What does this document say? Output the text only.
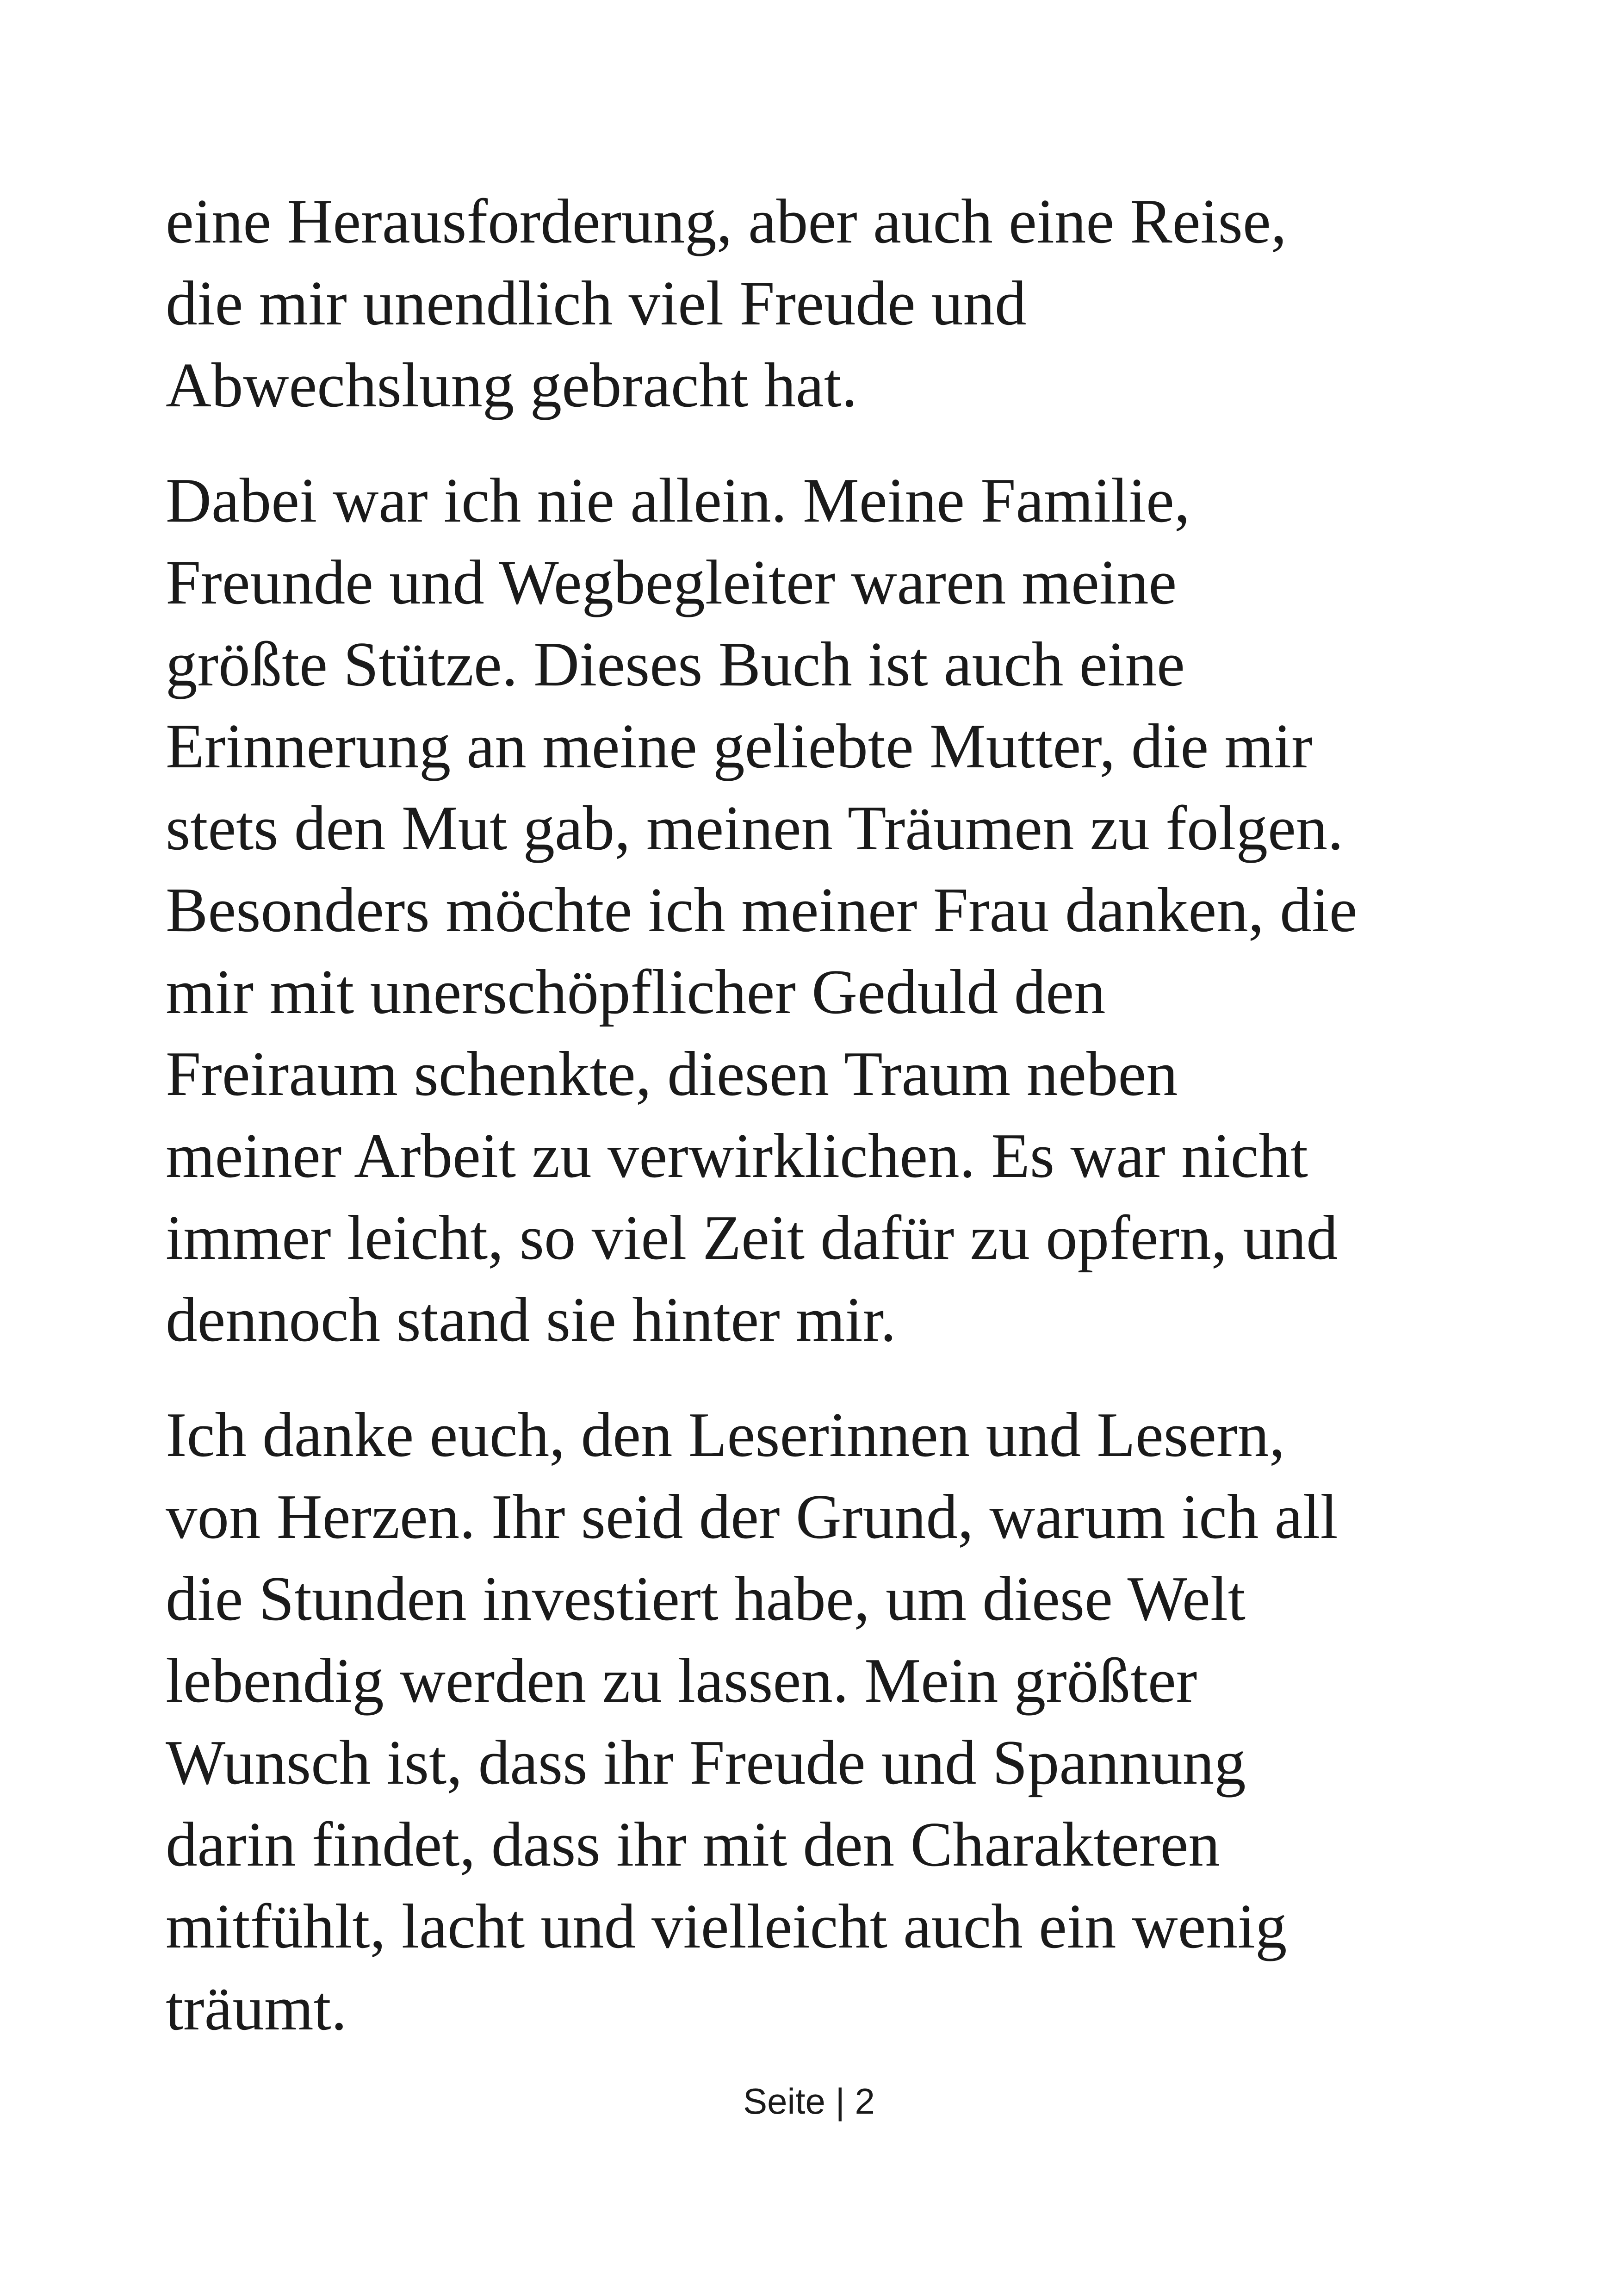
eine Herausforderung, aber auch eine Reise,
die mir unendlich viel Freude und
Abwechslung gebracht hat.

Dabei war ich nie allein. Meine Familie,
Freunde und Wegbegleiter waren meine
größte Stütze. Dieses Buch ist auch eine
Erinnerung an meine geliebte Mutter, die mir
stets den Mut gab, meinen Träumen zu folgen.
Besonders möchte ich meiner Frau danken, die
mir mit unerschöpflicher Geduld den
Freiraum schenkte, diesen Traum neben
meiner Arbeit zu verwirklichen. Es war nicht
immer leicht, so viel Zeit dafür zu opfern, und
dennoch stand sie hinter mir.

Ich danke euch, den Leserinnen und Lesern,
von Herzen. Ihr seid der Grund, warum ich all
die Stunden investiert habe, um diese Welt
lebendig werden zu lassen. Mein größter
Wunsch ist, dass ihr Freude und Spannung
darin findet, dass ihr mit den Charakteren
mitfühlt, lacht und vielleicht auch ein wenig
träumt.

Seite | 2
